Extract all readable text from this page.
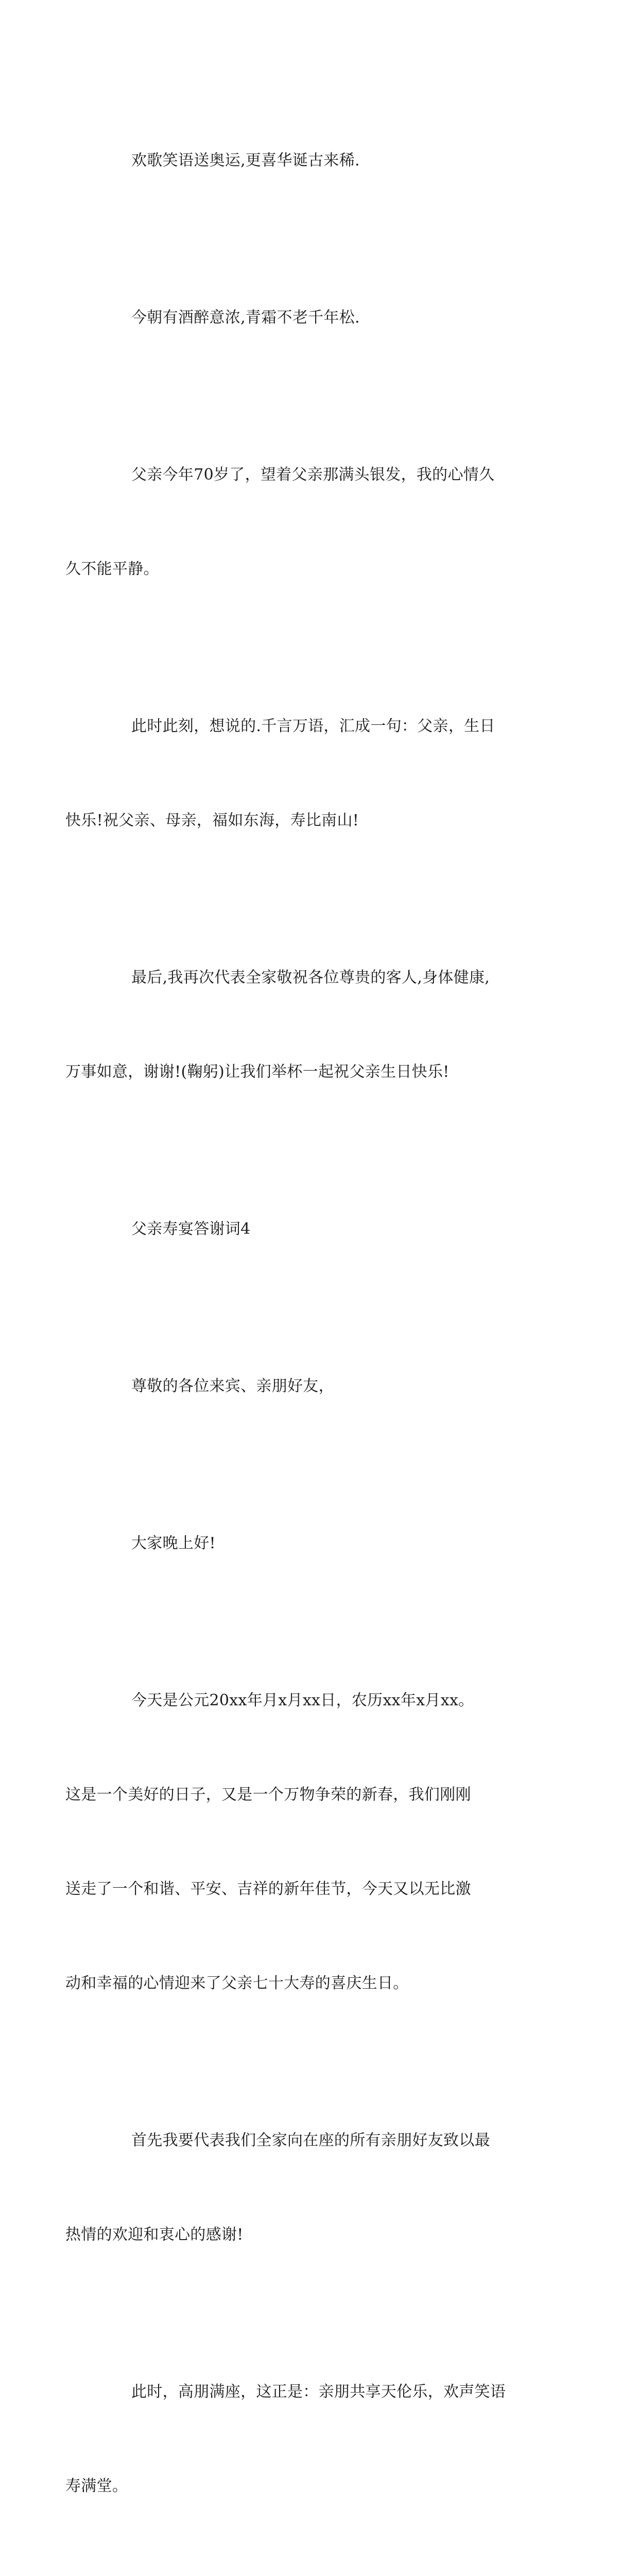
欢歌笑语送奥运,更喜华诞古来稀.

今朝有酒醉意浓,青霜不老千年松.

父亲今年70岁了，望着父亲那满头银发，我的心情久

久不能平静。

此时此刻，想说的.千言万语，汇成一句：父亲，生日

快乐!祝父亲、母亲，福如东海，寿比南山!

最后,我再次代表全家敬祝各位尊贵的客人,身体健康,

万事如意，谢谢!(鞠躬)让我们举杯一起祝父亲生日快乐!

父亲寿宴答谢词4

尊敬的各位来宾、亲朋好友，

大家晚上好!

今天是公元20xx年月x月xx日，农历xx年x月xx。

这是一个美好的日子，又是一个万物争荣的新春，我们刚刚

送走了一个和谐、平安、吉祥的新年佳节，今天又以无比激

动和幸福的心情迎来了父亲七十大寿的喜庆生日。

首先我要代表我们全家向在座的所有亲朋好友致以最

热情的欢迎和衷心的感谢!

此时，高朋满座，这正是：亲朋共享天伦乐，欢声笑语

寿满堂。
